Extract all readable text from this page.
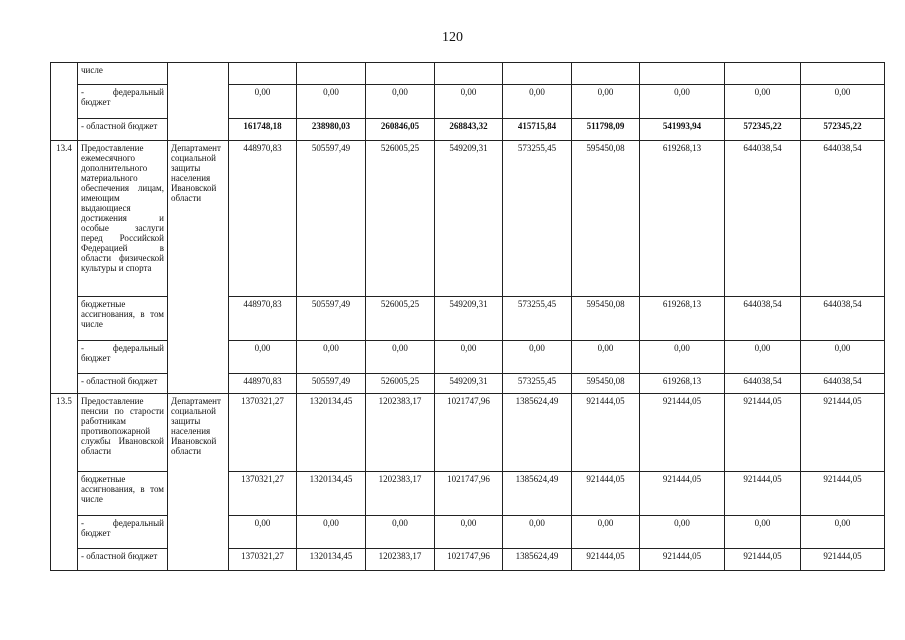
120
	числе										
	- федеральный бюджет		0,00	0,00	0,00	0,00	0,00	0,00	0,00	0,00	0,00
	- областной бюджет		161748,18	238980,03	260846,05	268843,32	415715,84	511798,09	541993,94	572345,22	572345,22
13.4	Предоставление ежемесячного дополнительного материального обеспечения лицам, имеющим выдающиеся достижения и особые заслуги перед Российской Федерацией в области физической культуры и спорта	Департамент социальной защиты населения Ивановской области	448970,83	505597,49	526005,25	549209,31	573255,45	595450,08	619268,13	644038,54	644038,54
	бюджетные ассигнования, в том числе		448970,83	505597,49	526005,25	549209,31	573255,45	595450,08	619268,13	644038,54	644038,54
	- федеральный бюджет		0,00	0,00	0,00	0,00	0,00	0,00	0,00	0,00	0,00
	- областной бюджет		448970,83	505597,49	526005,25	549209,31	573255,45	595450,08	619268,13	644038,54	644038,54
13.5	Предоставление пенсии по старости работникам противопожарной службы Ивановской области	Департамент социальной защиты населения Ивановской области	1370321,27	1320134,45	1202383,17	1021747,96	1385624,49	921444,05	921444,05	921444,05	921444,05
	бюджетные ассигнования, в том числе		1370321,27	1320134,45	1202383,17	1021747,96	1385624,49	921444,05	921444,05	921444,05	921444,05
	- федеральный бюджет		0,00	0,00	0,00	0,00	0,00	0,00	0,00	0,00	0,00
	- областной бюджет		1370321,27	1320134,45	1202383,17	1021747,96	1385624,49	921444,05	921444,05	921444,05	921444,05
